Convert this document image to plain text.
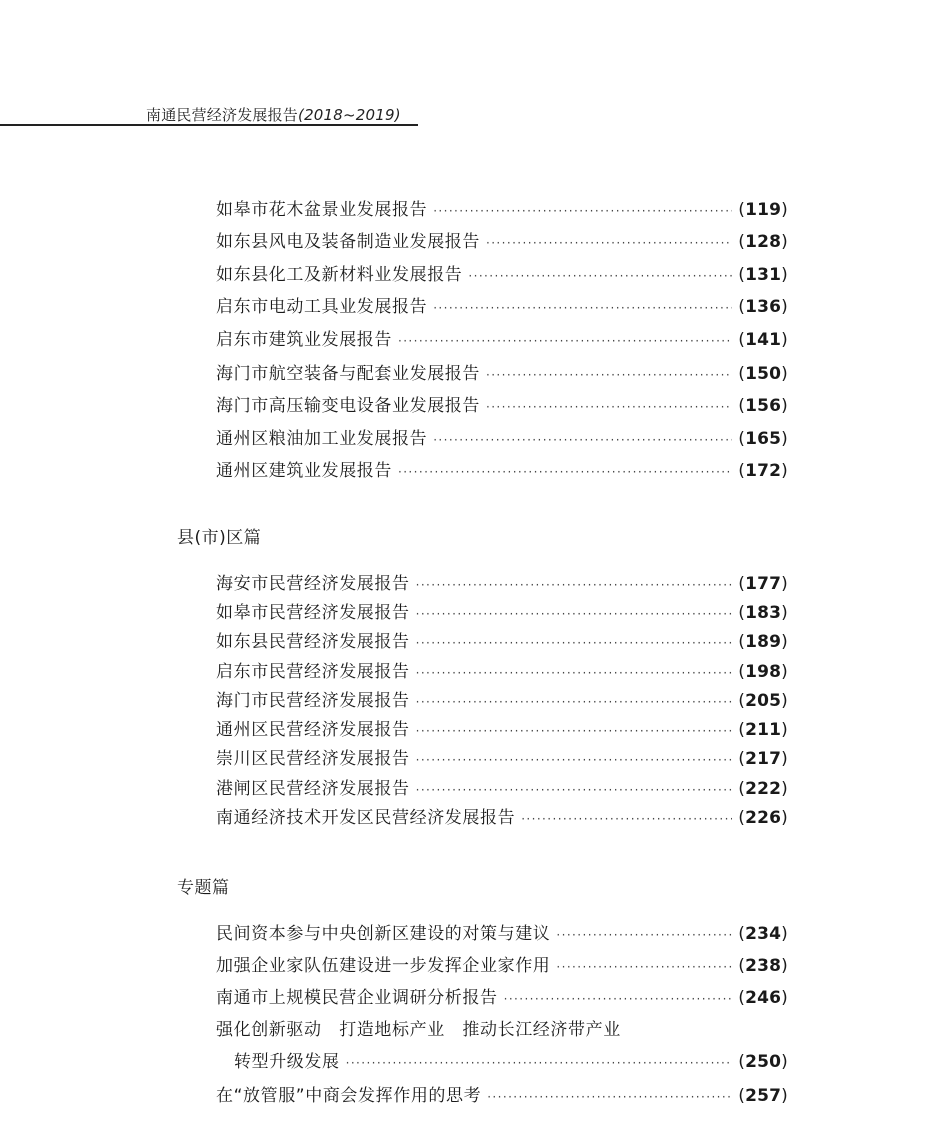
南通民营经济发展报告(2018~2019)
如皋市花木盆景业发展报告 ·····	(119)
如东县风电及装备制造业发展报告 ·····	(128)
如东县化工及新材料业发展报告 ·····	(131)
启东市电动工具业发展报告 ·····	(136)
启东市建筑业发展报告 ·····	(141)
海门市航空装备与配套业发展报告 ·····	(150)
海门市高压输变电设备业发展报告 ·····	(156)
通州区粮油加工业发展报告 ·····	(165)
通州区建筑业发展报告 ·····	(172)
县(市)区篇
海安市民营经济发展报告 ·····	(177)
如皋市民营经济发展报告 ·····	(183)
如东县民营经济发展报告 ·····	(189)
启东市民营经济发展报告 ·····	(198)
海门市民营经济发展报告 ·····	(205)
通州区民营经济发展报告 ·····	(211)
崇川区民营经济发展报告 ·····	(217)
港闸区民营经济发展报告 ·····	(222)
南通经济技术开发区民营经济发展报告 ·····	(226)
专题篇
民间资本参与中央创新区建设的对策与建议 ·····	(234)
加强企业家队伍建设进一步发挥企业家作用 ·····	(238)
南通市上规模民营企业调研分析报告 ·····	(246)
强化创新驱动　打造地标产业　推动长江经济带产业
转型升级发展 ·····	(250)
在“放管服”中商会发挥作用的思考 ·····	(257)
